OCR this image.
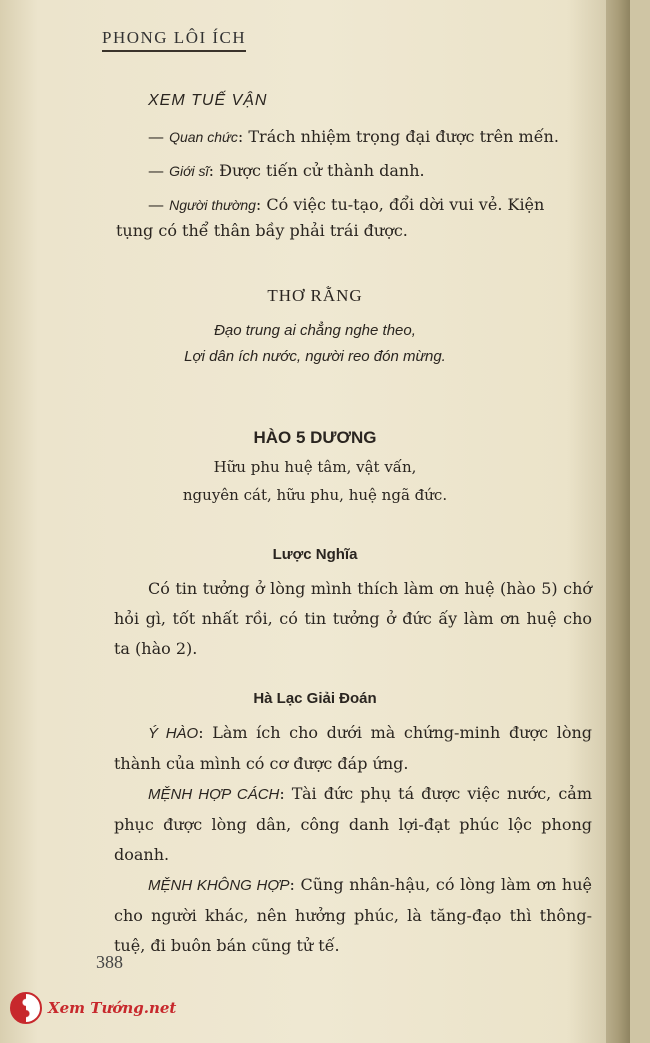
PHONG LÔI ÍCH
XEM TUẾ VẬN

— Quan chức: Trách nhiệm trọng đại được trên mến.

— Giới sĩ: Được tiến cử thành danh.

— Người thường: Có việc tu-tạo, đổi dời vui vẻ. Kiện

tụng có thể thân bầy phải trái được.

THƠ RẰNG
Đạo trung ai chẳng nghe theo,
Lợi dân ích nước, người reo đón mừng.
HÀO 5 DƯƠNG
Hữu phu huệ tâm, vật vấn,
nguyên cát, hữu phu, huệ ngã đức.
Lược Nghĩa

Có tin tưởng ở lòng mình thích làm ơn huệ (hào 5) chớ hỏi gì, tốt nhất rồi, có tin tưởng ở đức ấy làm ơn huệ cho ta (hào 2).

Hà Lạc Giải Đoán

Ý HÀO: Làm ích cho dưới mà chứng-minh được lòng thành của mình có cơ được đáp ứng.

MỆNH HỢP CÁCH: Tài đức phụ tá được việc nước, cảm phục được lòng dân, công danh lợi-đạt phúc lộc phong doanh.

MỆNH KHÔNG HỢP: Cũng nhân-hậu, có lòng làm ơn huệ cho người khác, nên hưởng phúc, là tăng-đạo thì thông-tuệ, đi buôn bán cũng tử tế.

388
Xem Tướng.net
